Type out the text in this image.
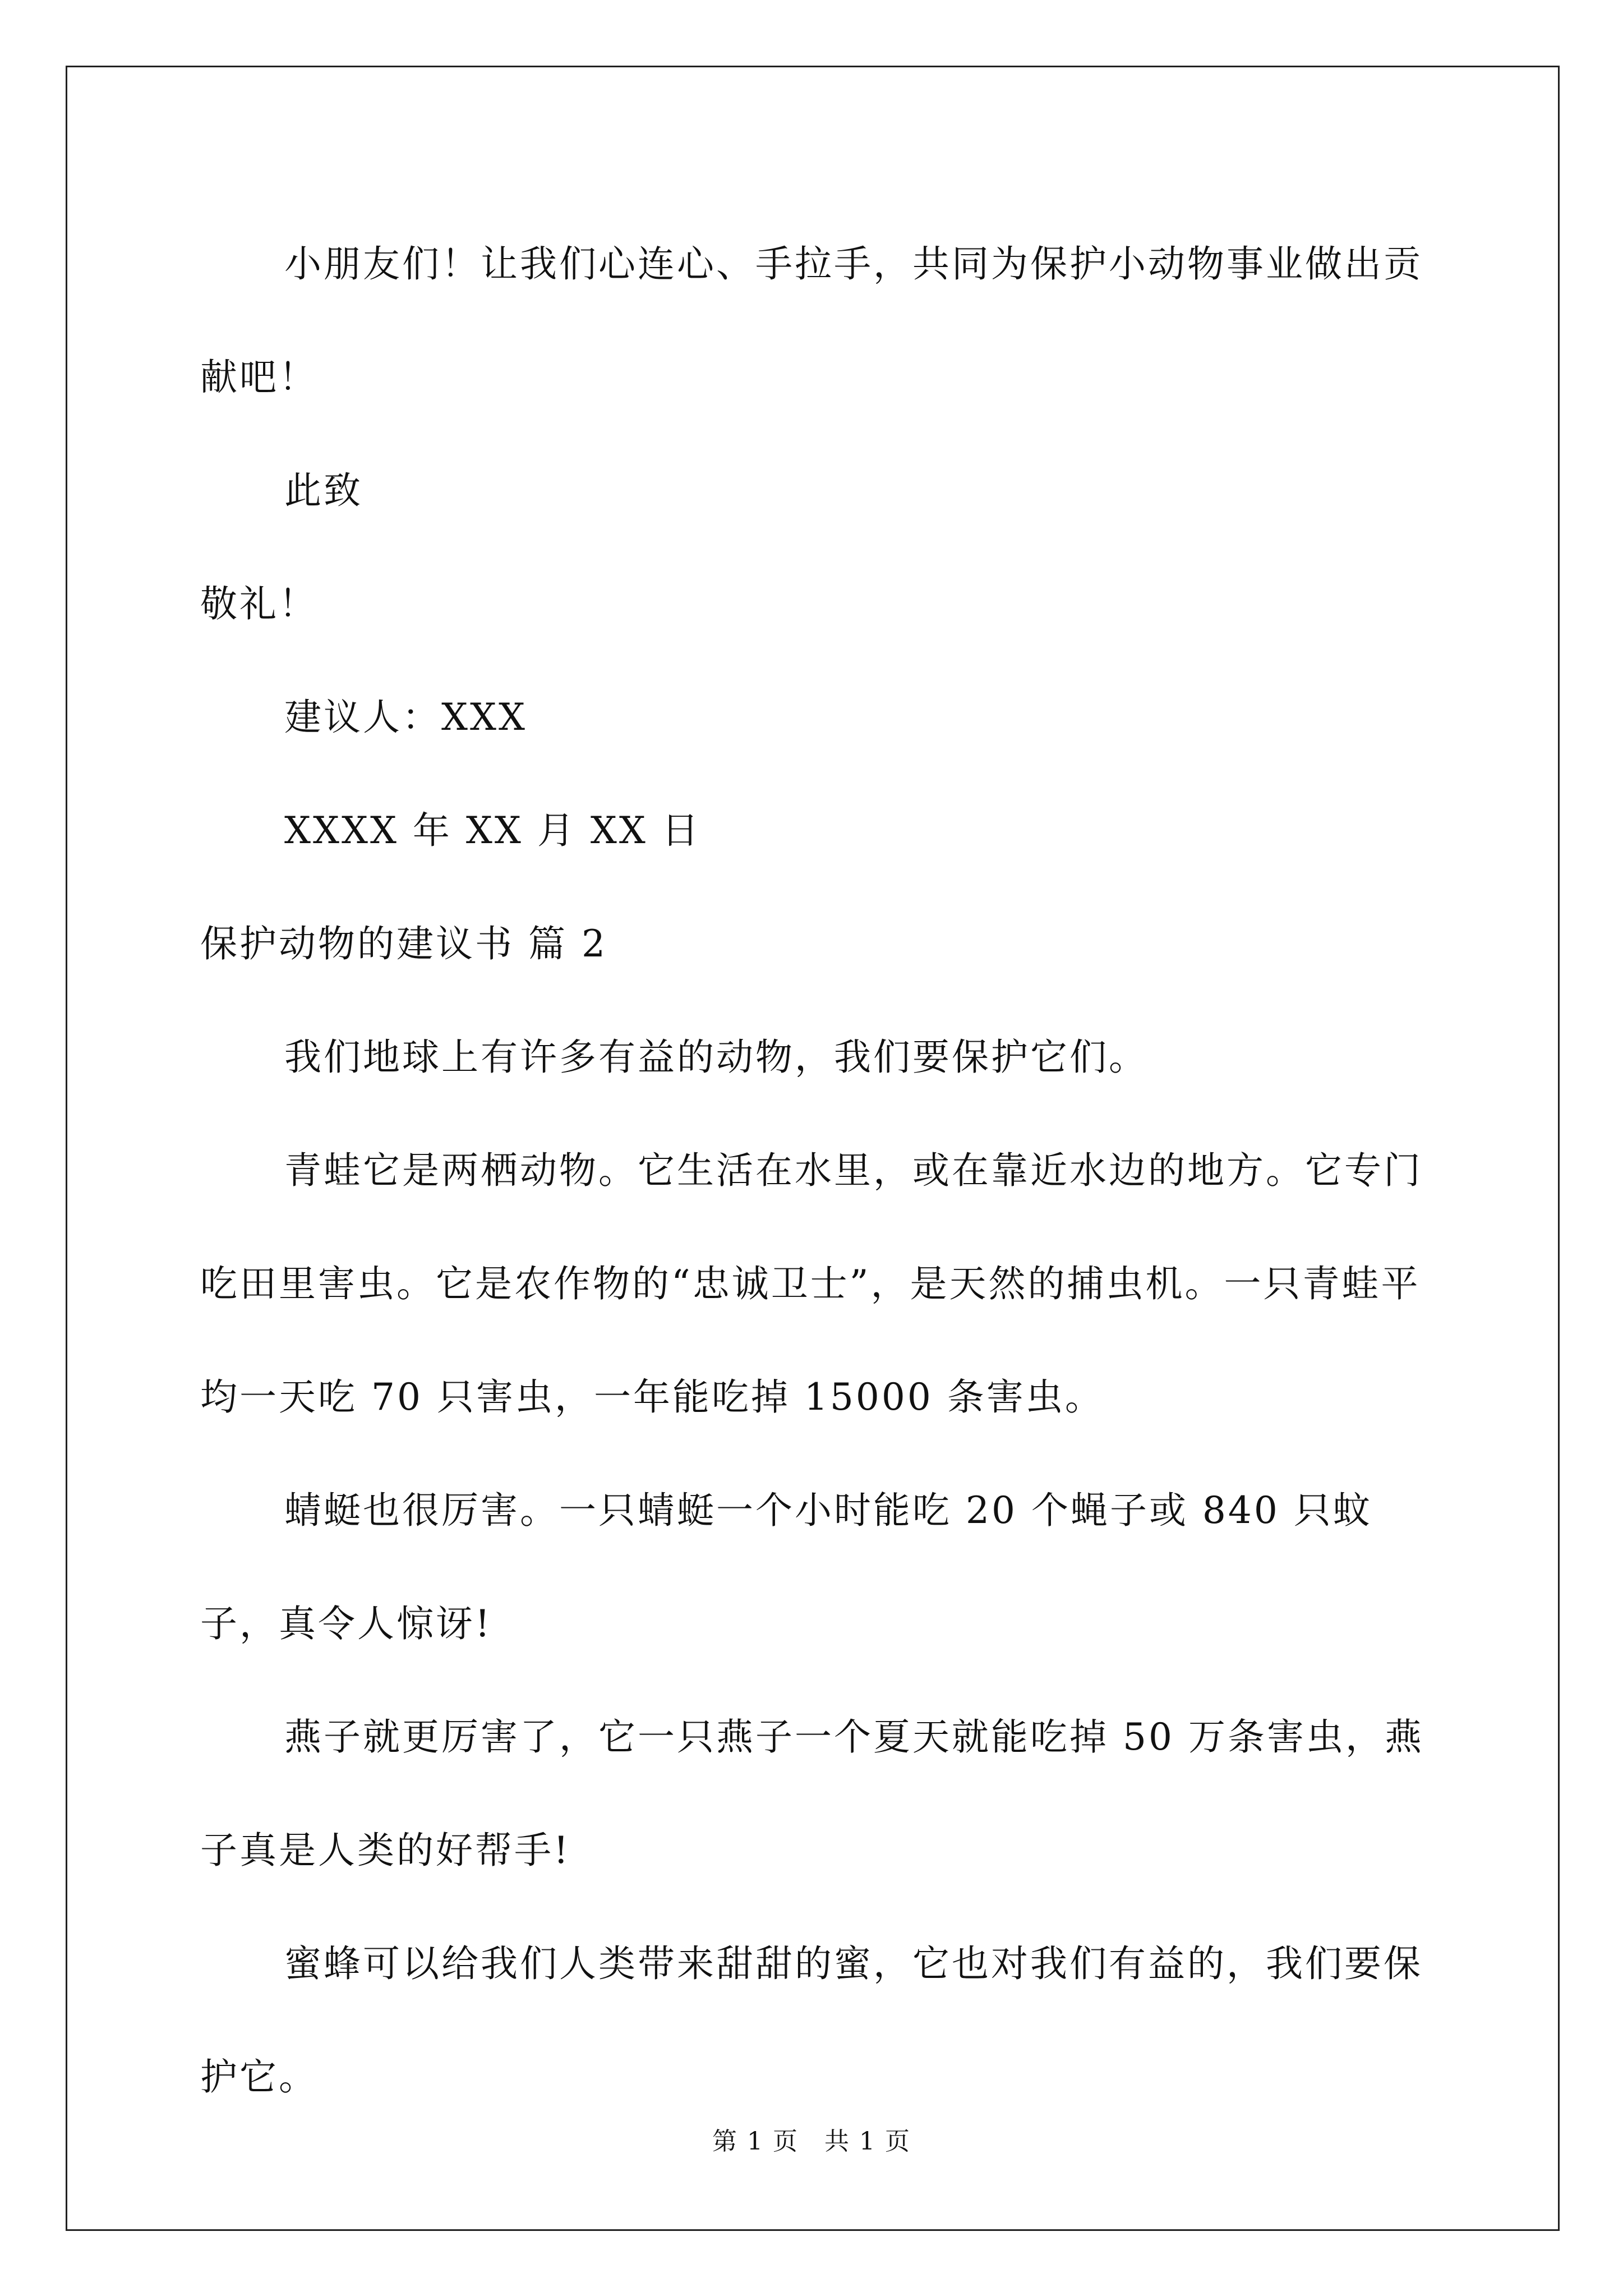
小朋友们！让我们心连心、手拉手，共同为保护小动物事业做出贡献吧！

此致

敬礼！

建议人：XXX

XXXX 年 XX 月 XX 日

保护动物的建议书 篇 2

我们地球上有许多有益的动物，我们要保护它们。

青蛙它是两栖动物。它生活在水里，或在靠近水边的地方。它专门吃田里害虫。它是农作物的“忠诚卫士”，是天然的捕虫机。一只青蛙平均一天吃 70 只害虫，一年能吃掉 15000 条害虫。

蜻蜓也很厉害。一只蜻蜓一个小时能吃 20 个蝇子或 840 只蚊子，真令人惊讶!

燕子就更厉害了，它一只燕子一个夏天就能吃掉 50 万条害虫，燕子真是人类的好帮手!

蜜蜂可以给我们人类带来甜甜的蜜，它也对我们有益的，我们要保护它。

第 1 页　共 1 页
